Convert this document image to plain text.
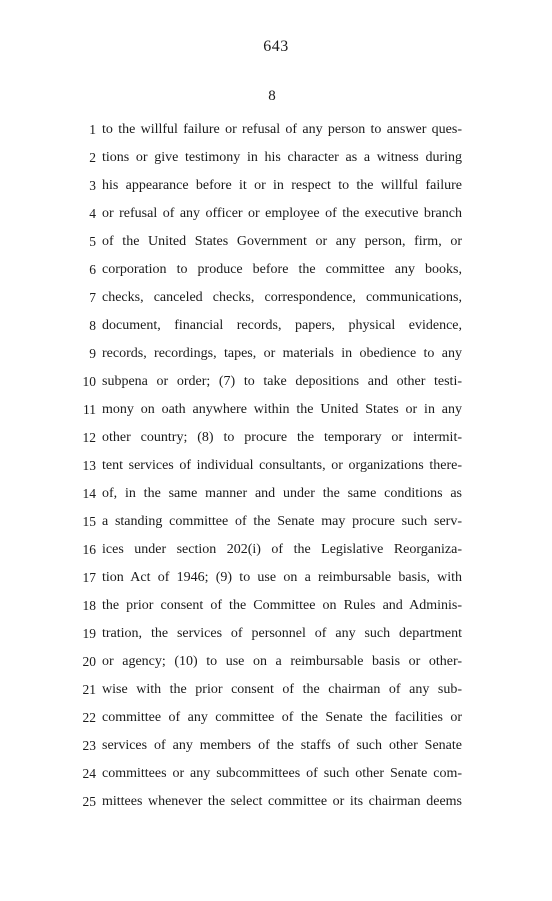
643
8
1 to the willful failure or refusal of any person to answer ques-
2 tions or give testimony in his character as a witness during
3 his appearance before it or in respect to the willful failure
4 or refusal of any officer or employee of the executive branch
5 of the United States Government or any person, firm, or
6 corporation to produce before the committee any books,
7 checks, canceled checks, correspondence, communications,
8 document, financial records, papers, physical evidence,
9 records, recordings, tapes, or materials in obedience to any
10 subpena or order; (7) to take depositions and other testi-
11 mony on oath anywhere within the United States or in any
12 other country; (8) to procure the temporary or intermit-
13 tent services of individual consultants, or organizations there-
14 of, in the same manner and under the same conditions as
15 a standing committee of the Senate may procure such serv-
16 ices under section 202(i) of the Legislative Reorganiza-
17 tion Act of 1946; (9) to use on a reimbursable basis, with
18 the prior consent of the Committee on Rules and Adminis-
19 tration, the services of personnel of any such department
20 or agency; (10) to use on a reimbursable basis or other-
21 wise with the prior consent of the chairman of any sub-
22 committee of any committee of the Senate the facilities or
23 services of any members of the staffs of such other Senate
24 committees or any subcommittees of such other Senate com-
25 mittees whenever the select committee or its chairman deems
